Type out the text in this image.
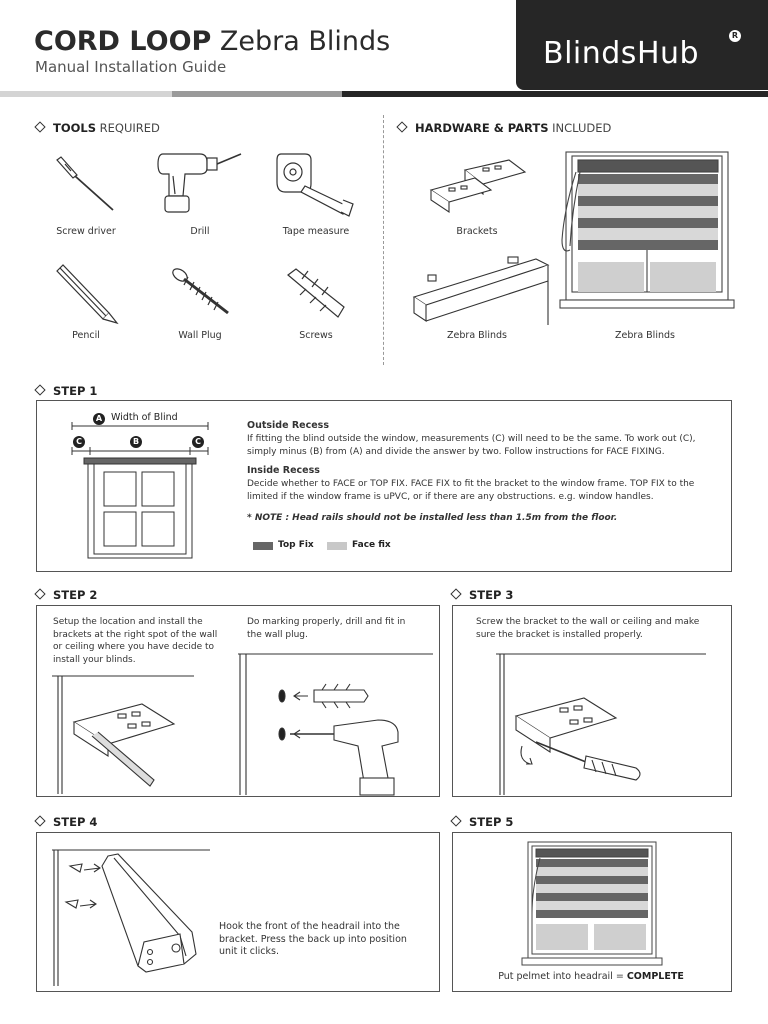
CORD LOOP Zebra Blinds
Manual Installation Guide	BlindsHub
R
TOOLS REQUIRED
Screw driver	Drill	Tape measure
Pencil	Wall Plug	Screws
HARDWARE & PARTS INCLUDED
Brackets
Zebra Blinds	Zebra Blinds
STEP 1
A Width of Blind
C	B	C
Outside Recess
If fitting the blind outside the window, measurements (C) will need to be the same. To work out (C), simply minus (B) from (A) and divide the answer by two. Follow instructions for FACE FIXING.
Inside Recess
Decide whether to FACE or TOP FIX. FACE FIX to fit the bracket to the window frame. TOP FIX to the limited if the window frame is uPVC, or if there are any obstructions. e.g. window handles.
* NOTE : Head rails should not be installed less than 1.5m from the floor.
Top Fix	Face fix
STEP 2
Setup the location and install the brackets at the right spot of the wall or ceiling where you have decide to install your blinds.
Do marking properly, drill and fit in the wall plug.
STEP 3
Screw the bracket to the wall or ceiling and make sure the bracket is installed properly.
STEP 4
Hook the front of the headrail into the bracket. Press the back up into position unit it clicks.
STEP 5
Put pelmet into headrail = COMPLETE
